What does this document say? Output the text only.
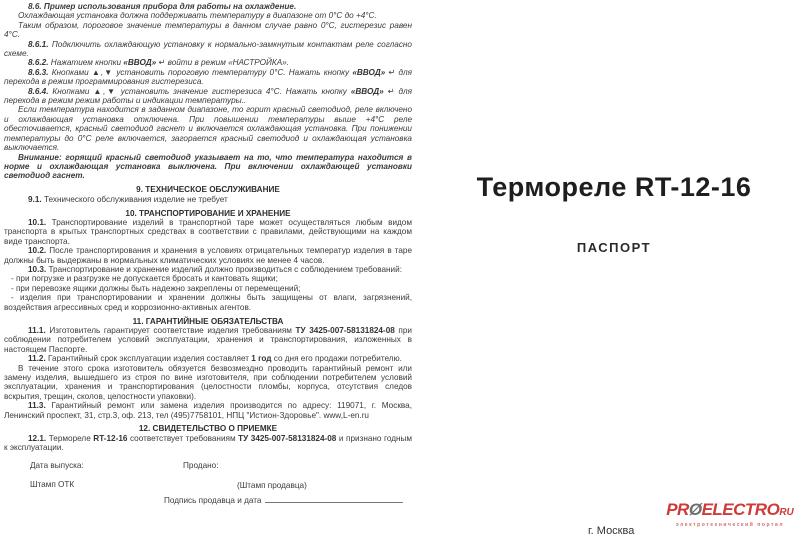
8.6. Пример использования прибора для работы на охлаждение.

Охлаждающая установка должна поддерживать температуру в диапазоне от 0°С до +4°С.

Таким образом, пороговое значение температуры в данном случае равно 0°С, гистерезис равен 4°С.

8.6.1. Подключить охлаждающую установку к нормально-замкнутым контактам реле согласно схеме.

8.6.2. Нажатием кнопки «ВВОД» ↵ войти в режим «НАСТРОЙКА».

8.6.3. Кнопками ▲,▼ установить пороговую температуру 0°С. Нажать кнопку «ВВОД» ↵ для перехода в режим программирования гистерезиса.

8.6.4. Кнопками ▲,▼ установить значение гистерезиса 4°С. Нажать кнопку «ВВОД» ↵ для перехода в режим режим работы и индикации температуры..

Если температура находится в заданном диапазоне, то горит красный светодиод, реле включено и охлаждающая установка отключена. При повышении температуры выше +4°С реле обесточивается, красный светодиод гаснет и включается охлаждающая установка. При понижении температуры до 0°С реле включается, загорается красный светодиод и охлаждающая установка выключается.

Внимание: горящий красный светодиод указывает на то, что температура находится в норме и охлаждающая установка выключена. При включении охлаждающей установки светодиод гаснет.

9. ТЕХНИЧЕСКОЕ ОБСЛУЖИВАНИЕ

9.1. Технического обслуживания изделие не требует

10. ТРАНСПОРТИРОВАНИЕ И ХРАНЕНИЕ

10.1. Транспортирование изделий в транспортной таре может осуществляться любым видом транспорта в крытых транспортных средствах в соответствии с правилами, действующими на каждом виде транспорта.

10.2. После транспортирования и хранения в условиях отрицательных температур изделия в таре должны быть выдержаны в нормальных климатических условиях не менее 4 часов.

10.3. Транспортирование и хранение изделий должно производиться с соблюдением требований:

- при погрузке и разгрузке не допускается бросать и кантовать ящики;

- при перевозке ящики должны быть надежно закреплены от перемещений;

- изделия при транспортировании и хранении должны быть защищены от влаги, загрязнений, воздействия агрессивных сред и коррозионно-активных агентов.

11. ГАРАНТИЙНЫЕ ОБЯЗАТЕЛЬСТВА

11.1. Изготовитель гарантирует соответствие изделия требованиям ТУ 3425-007-58131824-08 при соблюдении потребителем условий эксплуатации, хранения и транспортирования, изложенных в настоящем Паспорте.

11.2. Гарантийный срок эксплуатации изделия составляет 1 год со дня его продажи потребителю.

В течение этого срока изготовитель обязуется безвозмездно проводить гарантийный ремонт или замену изделия, вышедшего из строя по вине изготовителя, при соблюдении потребителем условий эксплуатации, хранения и транспортирования (целостности пломбы, корпуса, отсутствия следов вскрытия, трещин, сколов, целостности упаковки).

11.3. Гарантийный ремонт или замена изделия производится по адресу: 119071, г. Москва, Ленинский проспект, 31, стр.3, оф. 213, тел (495)7758101, НПЦ "Истион-Здоровье". www,L-en.ru

12. СВИДЕТЕЛЬСТВО О ПРИЕМКЕ

12.1. Термореле RT-12-16 соответствует требованиям ТУ 3425-007-58131824-08 и признано годным к эксплуатации.

Дата выпуска:	Продано:
Штамп ОТК	(Штамп продавца)
Подпись продавца и дата
Термореле RT-12-16
ПАСПОРТ
г. Москва
PRØELECTRORU
электротехнический портал
